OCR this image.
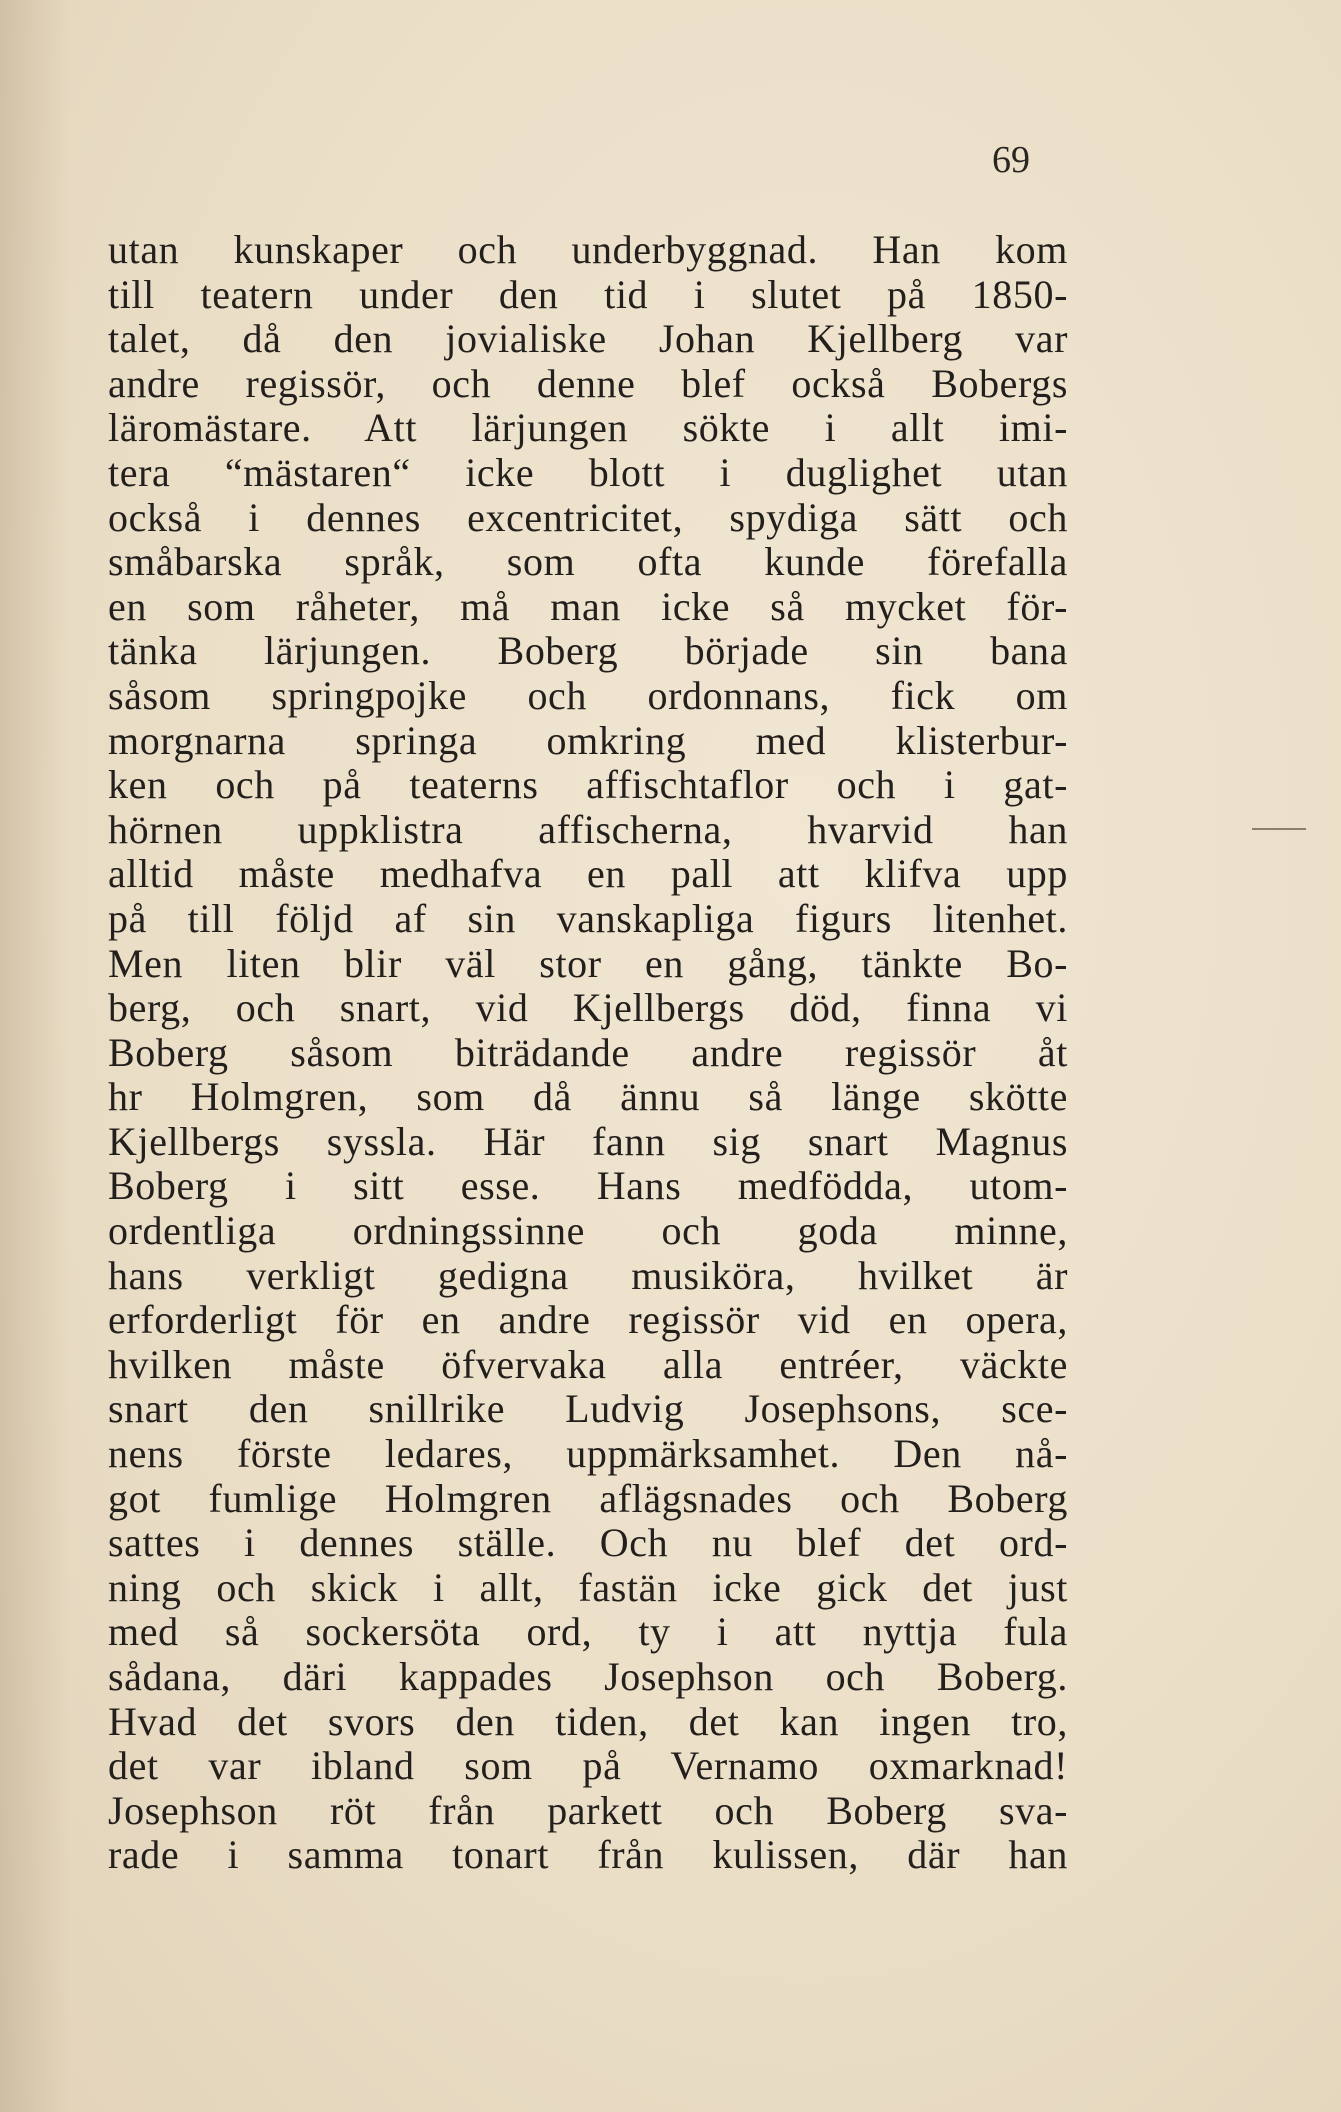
69
utan kunskaper och underbyggnad. Han kom
till teatern under den tid i slutet på 1850-
talet, då den jovialiske Johan Kjellberg var
andre regissör, och denne blef också Bobergs
läromästare. Att lärjungen sökte i allt imi-
tera “mästaren“ icke blott i duglighet utan
också i dennes excentricitet, spydiga sätt och
småbarska språk, som ofta kunde förefalla
en som råheter, må man icke så mycket för-
tänka lärjungen. Boberg började sin bana
såsom springpojke och ordonnans, fick om
morgnarna springa omkring med klisterbur-
ken och på teaterns affischtaflor och i gat-
hörnen uppklistra affischerna, hvarvid han
alltid måste medhafva en pall att klifva upp
på till följd af sin vanskapliga figurs litenhet.
Men liten blir väl stor en gång, tänkte Bo-
berg, och snart, vid Kjellbergs död, finna vi
Boberg såsom biträdande andre regissör åt
hr Holmgren, som då ännu så länge skötte
Kjellbergs syssla. Här fann sig snart Magnus
Boberg i sitt esse. Hans medfödda, utom-
ordentliga ordningssinne och goda minne,
hans verkligt gedigna musiköra, hvilket är
erforderligt för en andre regissör vid en opera,
hvilken måste öfvervaka alla entréer, väckte
snart den snillrike Ludvig Josephsons, sce-
nens förste ledares, uppmärksamhet. Den nå-
got fumlige Holmgren aflägsnades och Boberg
sattes i dennes ställe. Och nu blef det ord-
ning och skick i allt, fastän icke gick det just
med så sockersöta ord, ty i att nyttja fula
sådana, däri kappades Josephson och Boberg.
Hvad det svors den tiden, det kan ingen tro,
det var ibland som på Vernamo oxmarknad!
Josephson röt från parkett och Boberg sva-
rade i samma tonart från kulissen, där han
